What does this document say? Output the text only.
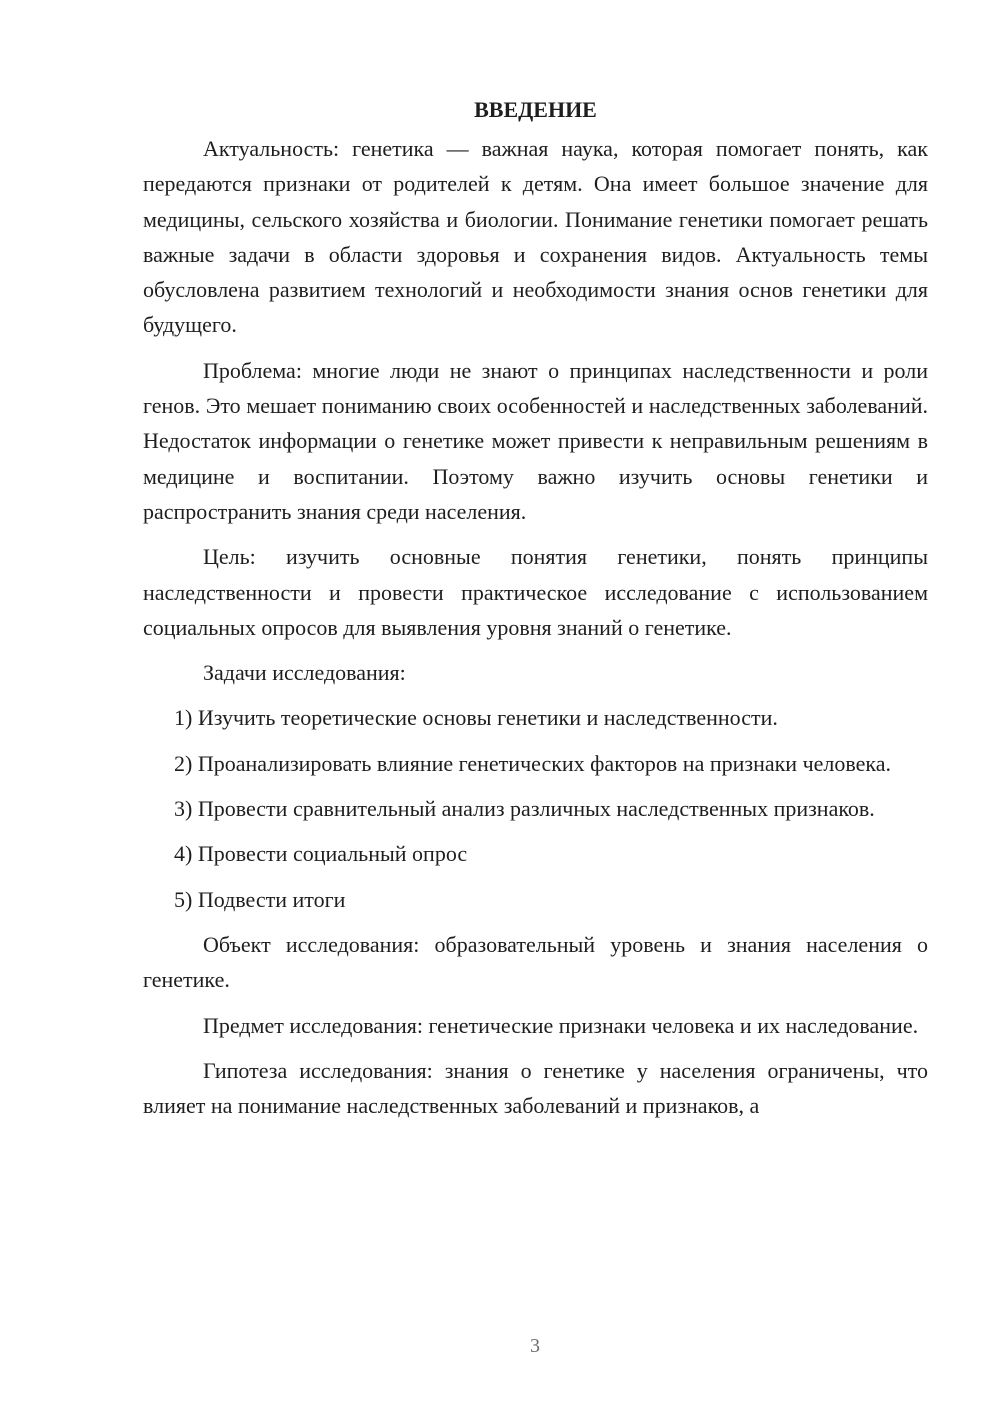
ВВЕДЕНИЕ

Актуальность: генетика — важная наука, которая помогает понять, как передаются признаки от родителей к детям. Она имеет большое значение для медицины, сельского хозяйства и биологии. Понимание генетики помогает решать важные задачи в области здоровья и сохранения видов. Актуальность темы обусловлена развитием технологий и необходимости знания основ генетики для будущего.

Проблема: многие люди не знают о принципах наследственности и роли генов. Это мешает пониманию своих особенностей и наследственных заболеваний. Недостаток информации о генетике может привести к неправильным решениям в медицине и воспитании. Поэтому важно изучить основы генетики и распространить знания среди населения.

Цель: изучить основные понятия генетики, понять принципы наследственности и провести практическое исследование с использованием социальных опросов для выявления уровня знаний о генетике.

Задачи исследования:

1) Изучить теоретические основы генетики и наследственности.

2) Проанализировать влияние генетических факторов на признаки человека.

3) Провести сравнительный анализ различных наследственных признаков.

4) Провести социальный опрос

5) Подвести итоги

Объект исследования: образовательный уровень и знания населения о генетике.

Предмет исследования: генетические признаки человека и их наследование.

Гипотеза исследования: знания о генетике у населения ограничены, что влияет на понимание наследственных заболеваний и признаков, а

3
